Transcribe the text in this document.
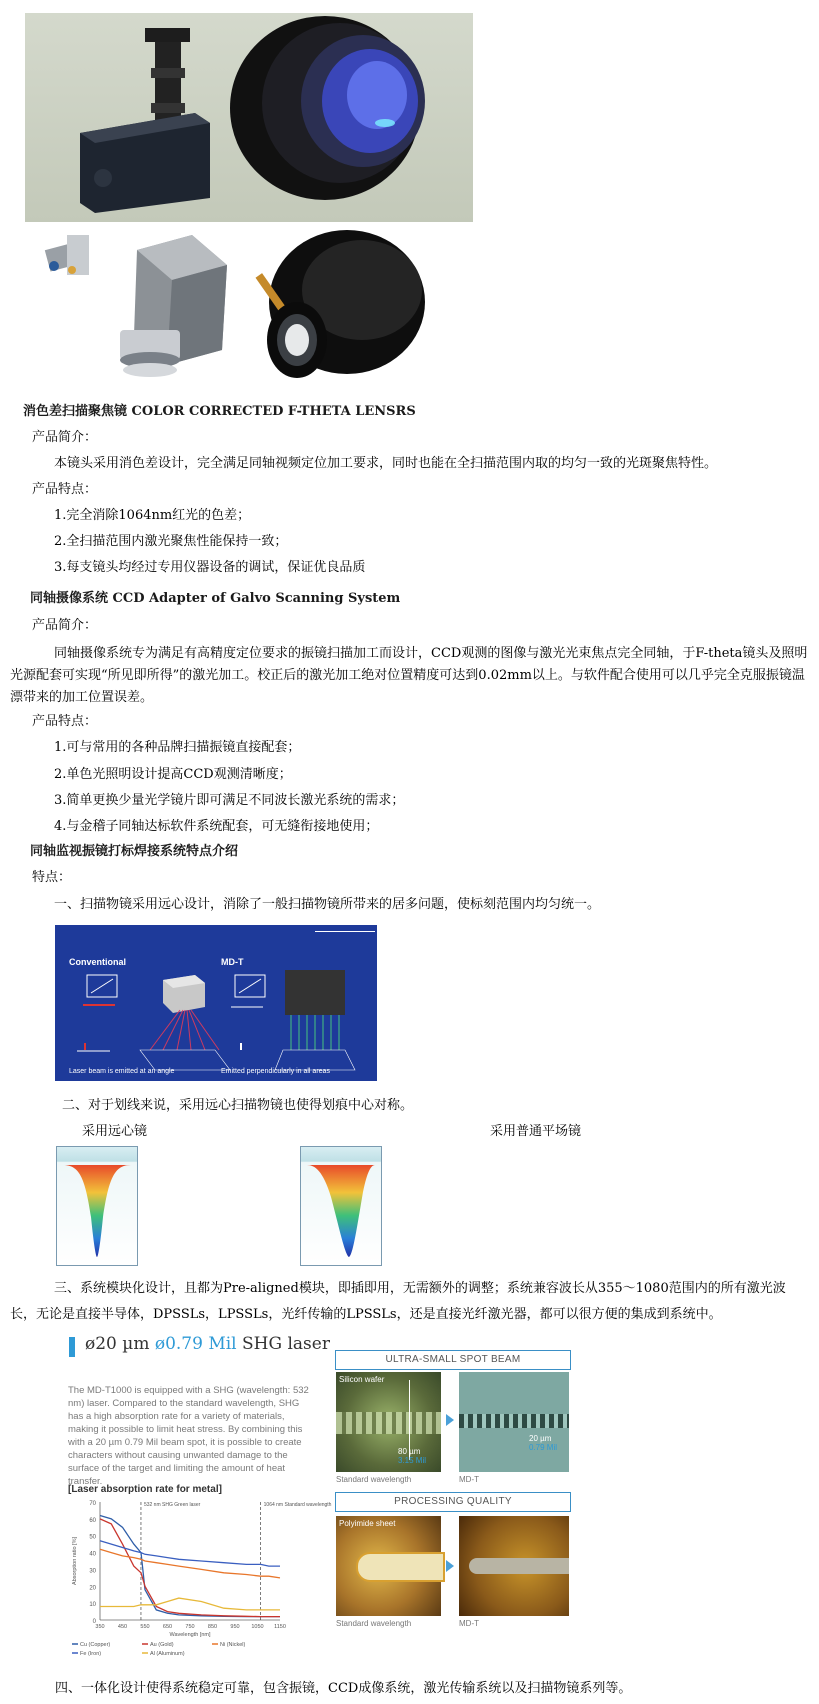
消色差扫描聚焦镜 COLOR CORRECTED F-THETA LENSRS
产品简介：
本镜头采用消色差设计，完全满足同轴视频定位加工要求，同时也能在全扫描范围内取的均匀一致的光斑聚焦特性。
产品特点：
1.完全消除1064nm红光的色差；
2.全扫描范围内激光聚焦性能保持一致；
3.每支镜头均经过专用仪器设备的调试，保证优良品质
同轴摄像系统 CCD Adapter of Galvo Scanning System
产品简介：
同轴摄像系统专为满足有高精度定位要求的振镜扫描加工而设计，CCD观测的图像与激光光束焦点完全同轴，于F-theta镜头及照明光源配套可实现“所见即所得”的激光加工。校正后的激光加工绝对位置精度可达到0.02mm以上。与软件配合使用可以几乎完全克服振镜温漂带来的加工位置误差。
产品特点：
1.可与常用的各种品牌扫描振镜直接配套；
2.单色光照明设计提高CCD观测清晰度；
3.简单更换少量光学镜片即可满足不同波长激光系统的需求；
4.与金稽子同轴达标软件系统配套，可无缝衔接地使用；
同轴监视振镜打标焊接系统特点介绍
特点：
一、扫描物镜采用远心设计，消除了一般扫描物镜所带来的居多问题，使标刻范围内均匀统一。
Conventional	MD-T
Laser beam is emitted at an angle	Emitted perpendicularly in all areas
二、对于划线来说，采用远心扫描物镜也使得划痕中心对称。
采用远心镜	采用普通平场镜
三、系统模块化设计，且都为Pre-aligned模块，即插即用，无需额外的调整；系统兼容波长从355～1080范围内的所有激光波长，无论是直接半导体，DPSSLs，LPSSLs，光纤传输的LPSSLs，还是直接光纤激光器，都可以很方便的集成到系统中。
ø20 µm ø0.79 Mil SHG laser
The MD-T1000 is equipped with a SHG (wavelength: 532 nm) laser. Compared to the standard wavelength, SHG has a high absorption rate for a variety of materials, making it possible to limit heat stress. By combining this with a 20 µm 0.79 Mil beam spot, it is possible to create characters without causing unwanted damage to the surface of the target and limiting the amount of heat transfer.
[Laser absorption rate for metal]
0
10
20
30
40
50
60
70
350 450 550 650 750 850 950 1050 1150
Wavelength [nm]
Absorption ratio [%]
532 nm SHG Green laser	1064 nm Standard wavelength
Cu (Copper)	Au (Gold)	Ni (Nickel)
Fe (Iron)	Al (Aluminum)
ULTRA-SMALL SPOT BEAM
Silicon wafer
80 µm
3.15 Mil
20 µm
0.79 Mil
Standard wavelength	MD-T
PROCESSING QUALITY
Polyimide sheet
Standard wavelength	MD-T
四、一体化设计使得系统稳定可靠，包含振镜，CCD成像系统，激光传输系统以及扫描物镜系列等。
